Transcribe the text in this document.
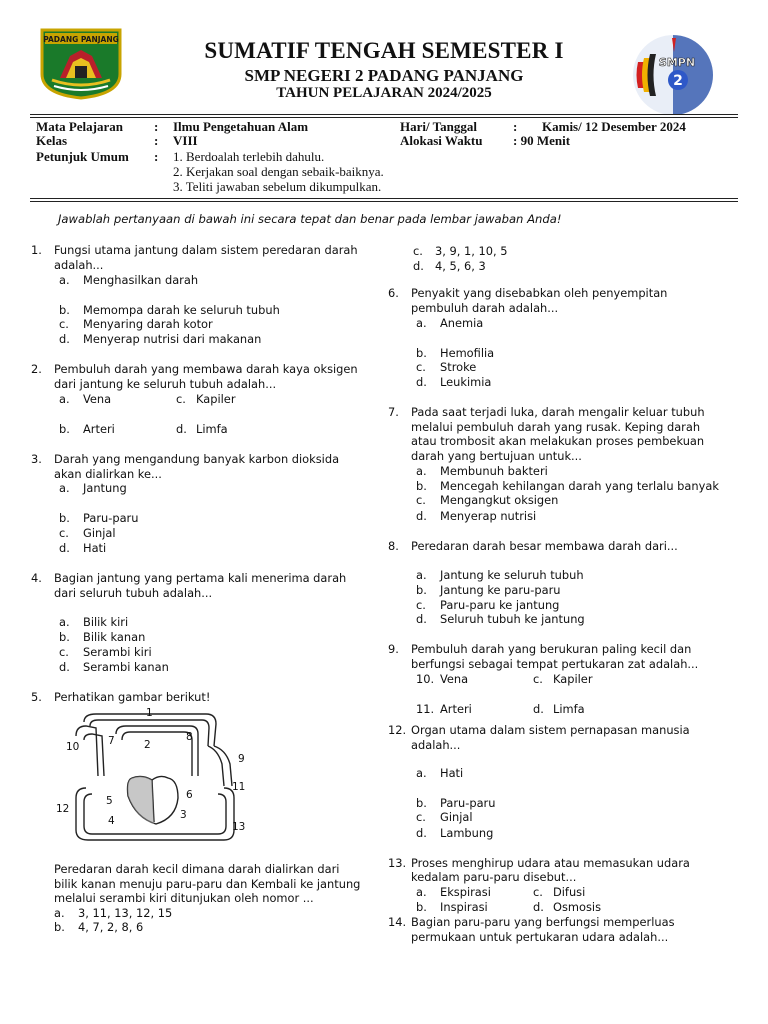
PADANG PANJANG
SMPN
2
SUMATIF TENGAH SEMESTER I
SMP NEGERI 2 PADANG PANJANG
TAHUN PELAJARAN 2024/2025
Mata Pelajaran : Ilmu Pengetahuan Alam
Kelas	: VIII
Petunjuk Umum : 1. Berdoalah terlebih dahulu.
2. Kerjakan soal dengan sebaik-baiknya.
3. Teliti jawaban sebelum dikumpulkan.
Hari/ Tanggal	: Kamis/ 12 Desember 2024
Alokasi Waktu : 90 Menit
Jawablah pertanyaan di bawah ini secara tepat dan benar pada lembar jawaban Anda!
1. Fungsi utama jantung dalam sistem peredaran darah
adalah...
a. Menghasilkan darah
b. Memompa darah ke seluruh tubuh
c. Menyaring darah kotor
d. Menyerap nutrisi dari makanan
2. Pembuluh darah yang membawa darah kaya oksigen
dari jantung ke seluruh tubuh adalah...
a. Vena	c. Kapiler
b. Arteri	d. Limfa
3. Darah yang mengandung banyak karbon dioksida
akan dialirkan ke...
a. Jantung
b. Paru-paru
c. Ginjal
d. Hati
4. Bagian jantung yang pertama kali menerima darah
dari seluruh tubuh adalah...
a. Bilik kiri
b. Bilik kanan
c. Serambi kiri
d. Serambi kanan
5. Perhatikan gambar berikut!
1
2
3
4
5	6
7	8
9
10
11
12
13
Peredaran darah kecil dimana darah dialirkan dari
bilik kanan menuju paru-paru dan Kembali ke jantung
melalui serambi kiri ditunjukan oleh nomor ...
a. 3, 11, 13, 12, 15
b. 4, 7, 2, 8, 6
c. 3, 9, 1, 10, 5
d. 4, 5, 6, 3
6. Penyakit yang disebabkan oleh penyempitan
pembuluh darah adalah...
a. Anemia
b. Hemofilia
c. Stroke
d. Leukimia
7. Pada saat terjadi luka, darah mengalir keluar tubuh
melalui pembuluh darah yang rusak. Keping darah
atau trombosit akan melakukan proses pembekuan
darah yang bertujuan untuk...
a. Membunuh bakteri
b. Mencegah kehilangan darah yang terlalu banyak
c. Mengangkut oksigen
d. Menyerap nutrisi
8. Peredaran darah besar membawa darah dari...
a. Jantung ke seluruh tubuh
b. Jantung ke paru-paru
c. Paru-paru ke jantung
d. Seluruh tubuh ke jantung
9. Pembuluh darah yang berukuran paling kecil dan
berfungsi sebagai tempat pertukaran zat adalah...
10. Vena	c. Kapiler
11. Arteri	d. Limfa
12. Organ utama dalam sistem pernapasan manusia
adalah...
a. Hati
b. Paru-paru
c. Ginjal
d. Lambung
13. Proses menghirup udara atau memasukan udara
kedalam paru-paru disebut...
a. Ekspirasi	c. Difusi
b. Inspirasi	d. Osmosis
14. Bagian paru-paru yang berfungsi memperluas
permukaan untuk pertukaran udara adalah...
